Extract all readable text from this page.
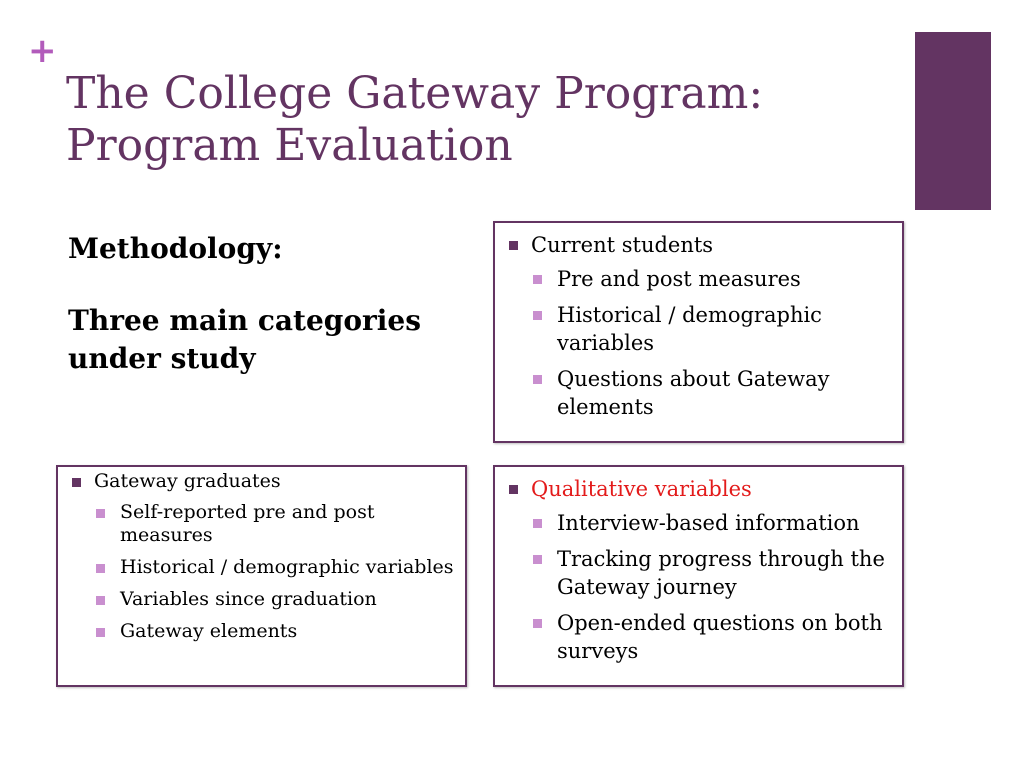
+
The College Gateway Program: Program Evaluation
Methodology:

Three main categories under study

Current students
Pre and post measures
Historical / demographic variables
Questions about Gateway elements
Gateway graduates
Self-reported pre and post measures
Historical / demographic variables
Variables since graduation
Gateway elements
Qualitative variables
Interview-based information
Tracking progress through the Gateway journey
Open-ended questions on both surveys
